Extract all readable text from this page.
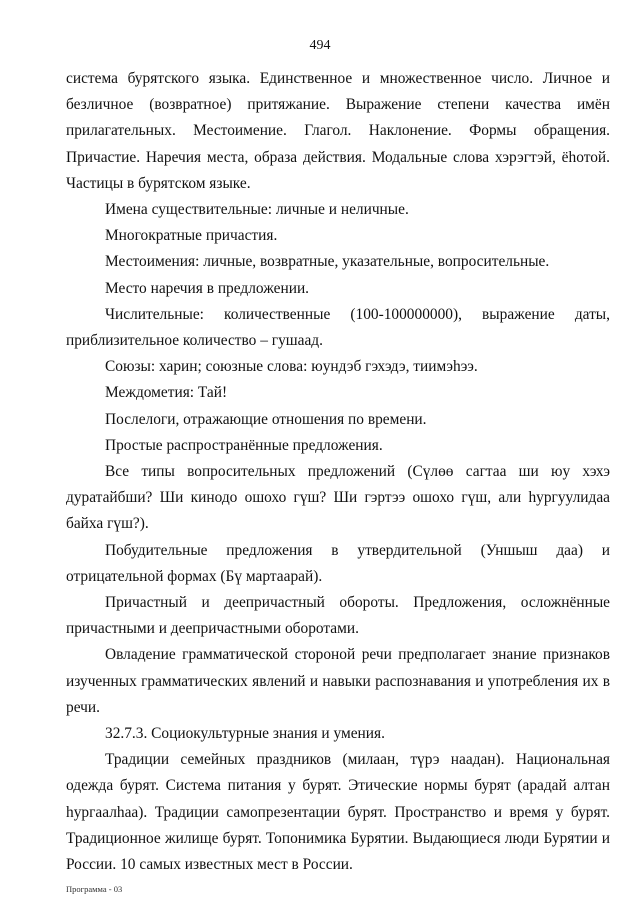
494

система бурятского языка. Единственное и множественное число. Личное и безличное (возвратное) притяжание. Выражение степени качества имён прилагательных. Местоимение. Глагол. Наклонение. Формы обращения. Причастие. Наречия места, образа действия. Модальные слова хэрэгтэй, ёhотой. Частицы в бурятском языке.

Имена существительные: личные и неличные.

Многократные причастия.

Местоимения: личные, возвратные, указательные, вопросительные.

Место наречия в предложении.

Числительные: количественные (100-100000000), выражение даты, приблизительное количество – гушаад.

Союзы: харин; союзные слова: юундэб гэхэдэ, тиимэhээ.

Междометия: Тай!

Послелоги, отражающие отношения по времени.

Простые распространённые предложения.

Все типы вопросительных предложений (Сүлөө сагтаа ши юу хэхэ дуратайбши? Ши кинодо ошохо гүш? Ши гэртээ ошохо гүш, али hургуулидаа байха гүш?).

Побудительные предложения в утвердительной (Уншыш даа) и отрицательной формах (Бү мартаарай).

Причастный и деепричастный обороты. Предложения, осложнённые причастными и деепричастными оборотами.

Овладение грамматической стороной речи предполагает знание признаков изученных грамматических явлений и навыки распознавания и употребления их в речи.

32.7.3. Социокультурные знания и умения.

Традиции семейных праздников (милаан, түрэ наадан). Национальная одежда бурят. Система питания у бурят. Этические нормы бурят (арадай алтан hургаалhаа). Традиции самопрезентации бурят. Пространство и время у бурят. Традиционное жилище бурят. Топонимика Бурятии. Выдающиеся люди Бурятии и России. 10 самых известных мест в России.

Программа - 03
